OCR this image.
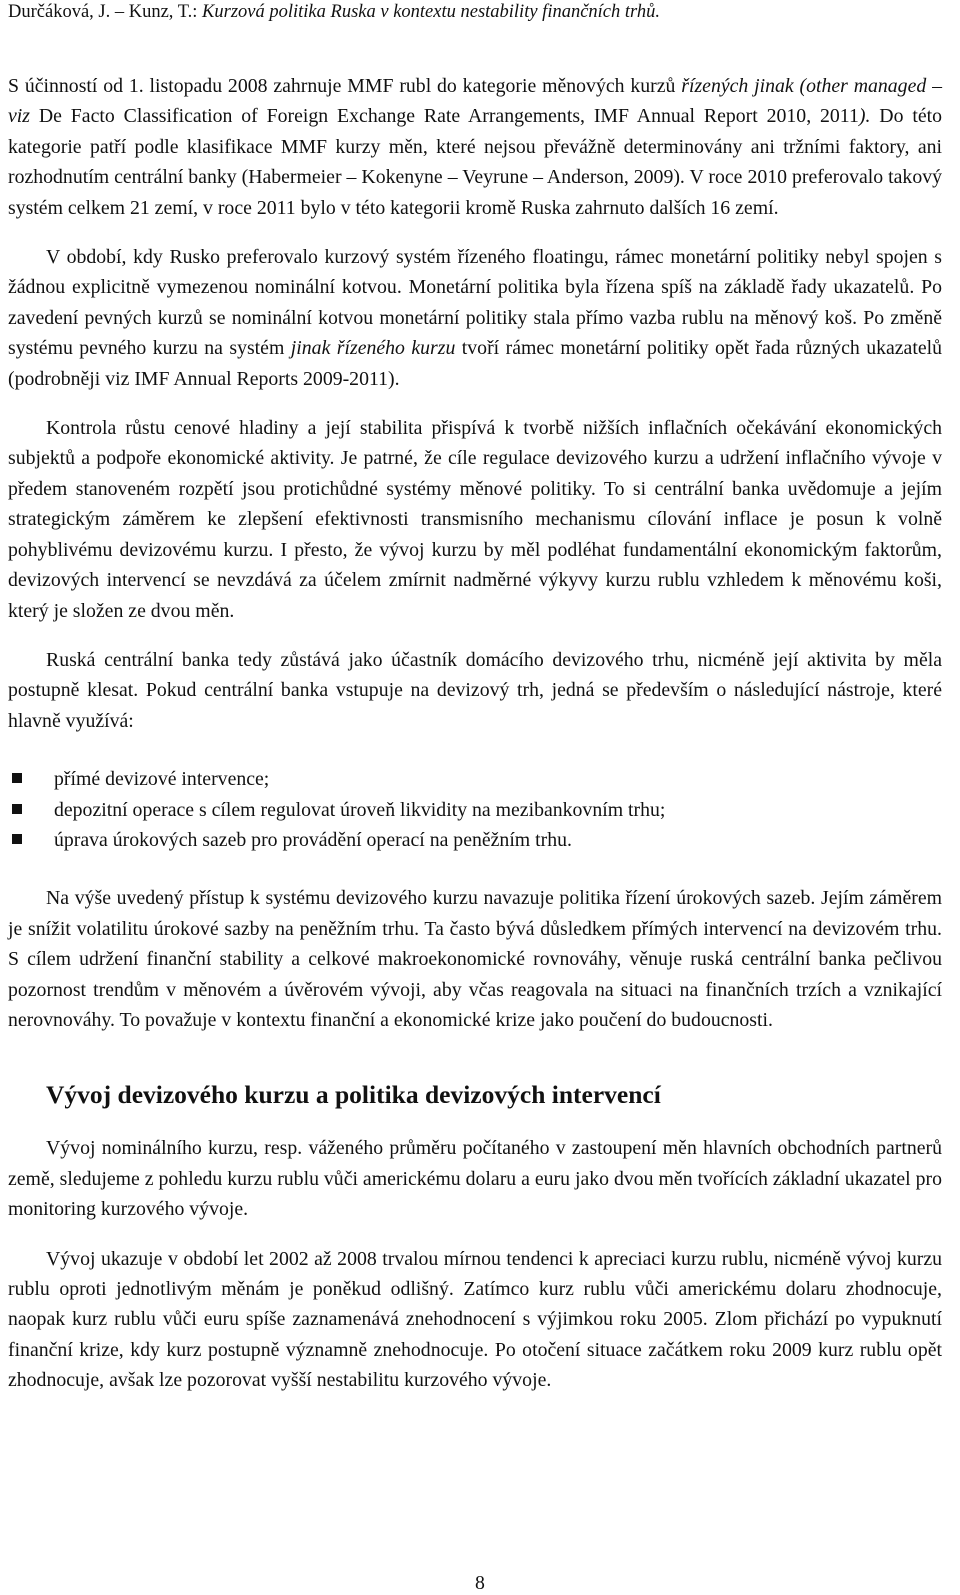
Durčáková, J. – Kunz, T.: Kurzová politika Ruska v kontextu nestability finančních trhů.

S účinností od 1. listopadu 2008 zahrnuje MMF rubl do kategorie měnových kurzů řízených jinak (other managed – viz De Facto Classification of Foreign Exchange Rate Arrangements, IMF Annual Report 2010, 2011). Do této kategorie patří podle klasifikace MMF kurzy měn, které nejsou převážně determinovány ani tržními faktory, ani rozhodnutím centrální banky (Habermeier – Kokenyne – Veyrune – Anderson, 2009). V roce 2010 preferovalo takový systém celkem 21 zemí, v roce 2011 bylo v této kategorii kromě Ruska zahrnuto dalších 16 zemí.

V období, kdy Rusko preferovalo kurzový systém řízeného floatingu, rámec monetární politiky nebyl spojen s žádnou explicitně vymezenou nominální kotvou. Monetární politika byla řízena spíš na základě řady ukazatelů. Po zavedení pevných kurzů se nominální kotvou monetární politiky stala přímo vazba rublu na měnový koš. Po změně systému pevného kurzu na systém jinak řízeného kurzu tvoří rámec monetární politiky opět řada různých ukazatelů (podrobněji viz IMF Annual Reports 2009-2011).

Kontrola růstu cenové hladiny a její stabilita přispívá k tvorbě nižších inflačních očekávání ekonomických subjektů a podpoře ekonomické aktivity. Je patrné, že cíle regulace devizového kurzu a udržení inflačního vývoje v předem stanoveném rozpětí jsou protichůdné systémy měnové politiky. To si centrální banka uvědomuje a jejím strategickým záměrem ke zlepšení efektivnosti transmisního mechanismu cílování inflace je posun k volně pohyblivému devizovému kurzu. I přesto, že vývoj kurzu by měl podléhat fundamentální ekonomickým faktorům, devizových intervencí se nevzdává za účelem zmírnit nadměrné výkyvy kurzu rublu vzhledem k měnovému koši, který je složen ze dvou měn.

Ruská centrální banka tedy zůstává jako účastník domácího devizového trhu, nicméně její aktivita by měla postupně klesat. Pokud centrální banka vstupuje na devizový trh, jedná se především o následující nástroje, které hlavně využívá:

přímé devizové intervence;
depozitní operace s cílem regulovat úroveň likvidity na mezibankovním trhu;
úprava úrokových sazeb pro provádění operací na peněžním trhu.

Na výše uvedený přístup k systému devizového kurzu navazuje politika řízení úrokových sazeb. Jejím záměrem je snížit volatilitu úrokové sazby na peněžním trhu. Ta často bývá důsledkem přímých intervencí na devizovém trhu. S cílem udržení finanční stability a celkové makroekonomické rovnováhy, věnuje ruská centrální banka pečlivou pozornost trendům v měnovém a úvěrovém vývoji, aby včas reagovala na situaci na finančních trzích a vznikající nerovnováhy. To považuje v kontextu finanční a ekonomické krize jako poučení do budoucnosti.

Vývoj devizového kurzu a politika devizových intervencí

Vývoj nominálního kurzu, resp. váženého průměru počítaného v zastoupení měn hlavních obchodních partnerů země, sledujeme z pohledu kurzu rublu vůči americkému dolaru a euru jako dvou měn tvořících základní ukazatel pro monitoring kurzového vývoje.

Vývoj ukazuje v období let 2002 až 2008 trvalou mírnou tendenci k apreciaci kurzu rublu, nicméně vývoj kurzu rublu oproti jednotlivým měnám je poněkud odlišný. Zatímco kurz rublu vůči americkému dolaru zhodnocuje, naopak kurz rublu vůči euru spíše zaznamenává znehodnocení s výjimkou roku 2005. Zlom přichází po vypuknutí finanční krize, kdy kurz postupně významně znehodnocuje. Po otočení situace začátkem roku 2009 kurz rublu opět zhodnocuje, avšak lze pozorovat vyšší nestabilitu kurzového vývoje.

8
